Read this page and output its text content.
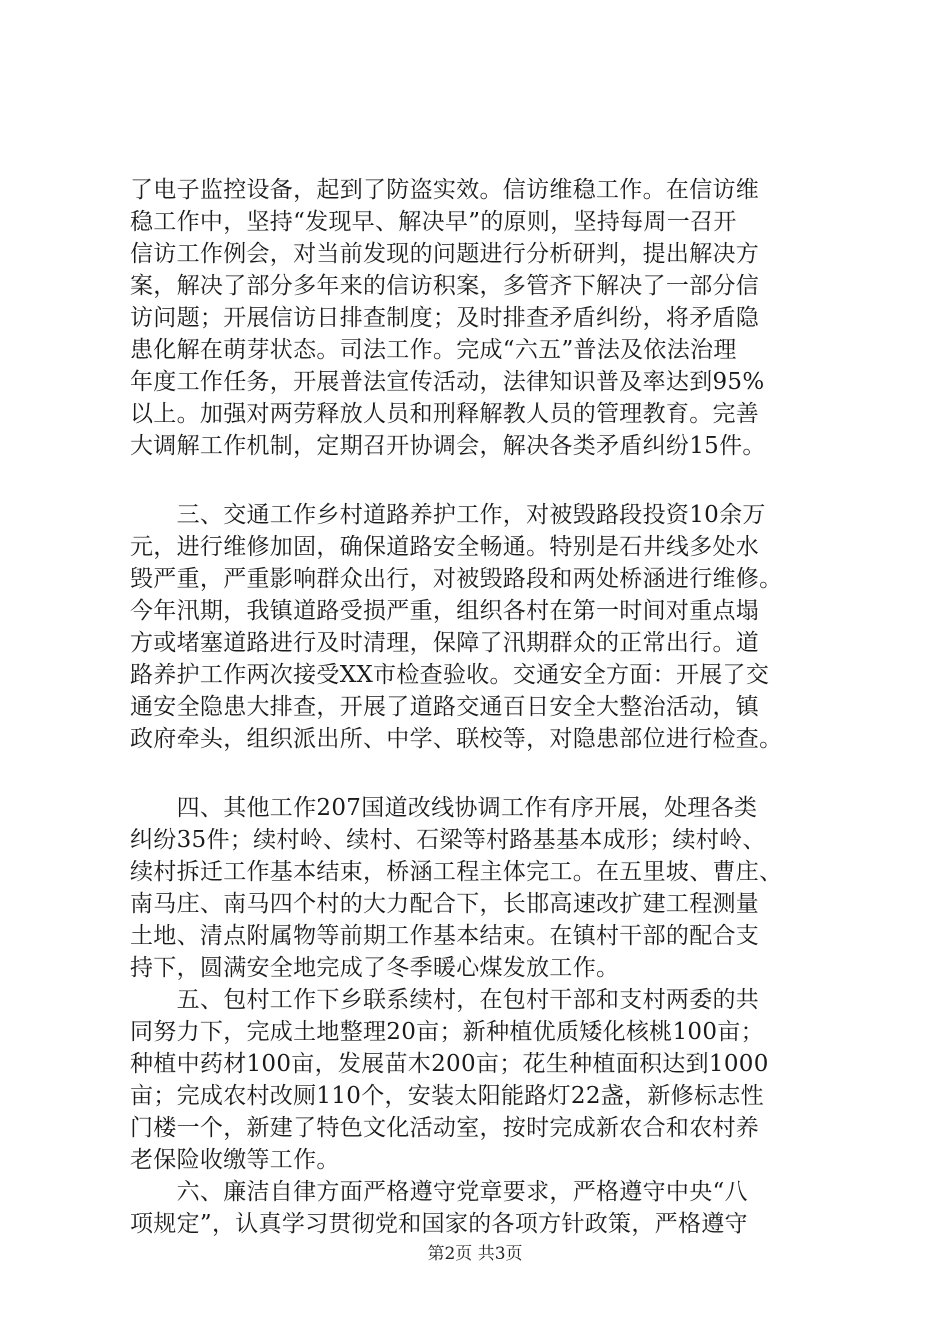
了电子监控设备，起到了防盗实效。信访维稳工作。在信访维
稳工作中，坚持“发现早、解决早”的原则，坚持每周一召开
信访工作例会，对当前发现的问题进行分析研判，提出解决方
案，解决了部分多年来的信访积案，多管齐下解决了一部分信
访问题；开展信访日排查制度；及时排查矛盾纠纷，将矛盾隐
患化解在萌芽状态。司法工作。完成“六五”普法及依法治理
年度工作任务，开展普法宣传活动，法律知识普及率达到95%
以上。加强对两劳释放人员和刑释解教人员的管理教育。完善
大调解工作机制，定期召开协调会，解决各类矛盾纠纷15件。
　　三、交通工作乡村道路养护工作，对被毁路段投资10余万
元，进行维修加固，确保道路安全畅通。特别是石井线多处水
毁严重，严重影响群众出行，对被毁路段和两处桥涵进行维修。
今年汛期，我镇道路受损严重，组织各村在第一时间对重点塌
方或堵塞道路进行及时清理，保障了汛期群众的正常出行。道
路养护工作两次接受XX市检查验收。交通安全方面：开展了交
通安全隐患大排查，开展了道路交通百日安全大整治活动，镇
政府牵头，组织派出所、中学、联校等，对隐患部位进行检查。
　　四、其他工作207国道改线协调工作有序开展，处理各类
纠纷35件；续村岭、续村、石梁等村路基基本成形；续村岭、
续村拆迁工作基本结束，桥涵工程主体完工。在五里坡、曹庄、
南马庄、南马四个村的大力配合下，长邯高速改扩建工程测量
土地、清点附属物等前期工作基本结束。在镇村干部的配合支
持下，圆满安全地完成了冬季暖心煤发放工作。
　　五、包村工作下乡联系续村，在包村干部和支村两委的共
同努力下，完成土地整理20亩；新种植优质矮化核桃100亩；
种植中药材100亩，发展苗木200亩；花生种植面积达到1000
亩；完成农村改厕110个，安装太阳能路灯22盏，新修标志性
门楼一个，新建了特色文化活动室，按时完成新农合和农村养
老保险收缴等工作。
　　六、廉洁自律方面严格遵守党章要求，严格遵守中央“八
项规定”，认真学习贯彻党和国家的各项方针政策，严格遵守
第2页 共3页
